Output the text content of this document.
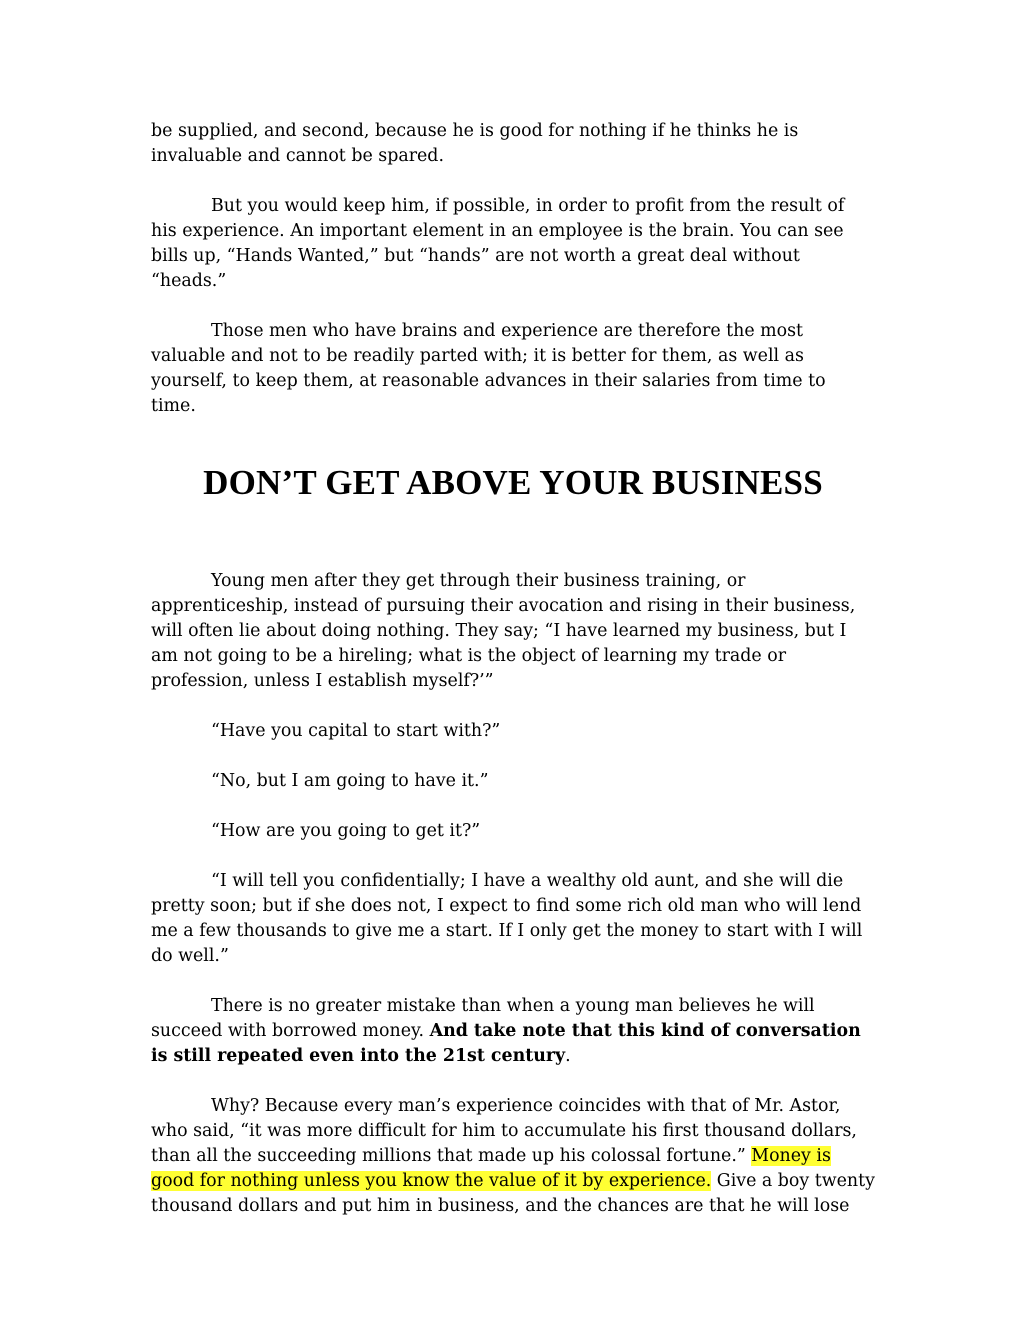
be supplied, and second, because he is good for nothing if he thinks he is invaluable and cannot be spared.

But you would keep him, if possible, in order to profit from the result of his experience. An important element in an employee is the brain. You can see bills up, “Hands Wanted,” but “hands” are not worth a great deal without “heads.”

Those men who have brains and experience are therefore the most valuable and not to be readily parted with; it is better for them, as well as yourself, to keep them, at reasonable advances in their salaries from time to time.

DON’T GET ABOVE YOUR BUSINESS

Young men after they get through their business training, or apprenticeship, instead of pursuing their avocation and rising in their business, will often lie about doing nothing. They say; “I have learned my business, but I am not going to be a hireling; what is the object of learning my trade or profession, unless I establish myself?’”

“Have you capital to start with?”

“No, but I am going to have it.”

“How are you going to get it?”

“I will tell you confidentially; I have a wealthy old aunt, and she will die pretty soon; but if she does not, I expect to find some rich old man who will lend me a few thousands to give me a start. If I only get the money to start with I will do well.”

There is no greater mistake than when a young man believes he will succeed with borrowed money. And take note that this kind of conversation is still repeated even into the 21st century.

Why? Because every man’s experience coincides with that of Mr. Astor, who said, “it was more difficult for him to accumulate his first thousand dollars, than all the succeeding millions that made up his colossal fortune.” Money is good for nothing unless you know the value of it by experience. Give a boy twenty thousand dollars and put him in business, and the chances are that he will lose
